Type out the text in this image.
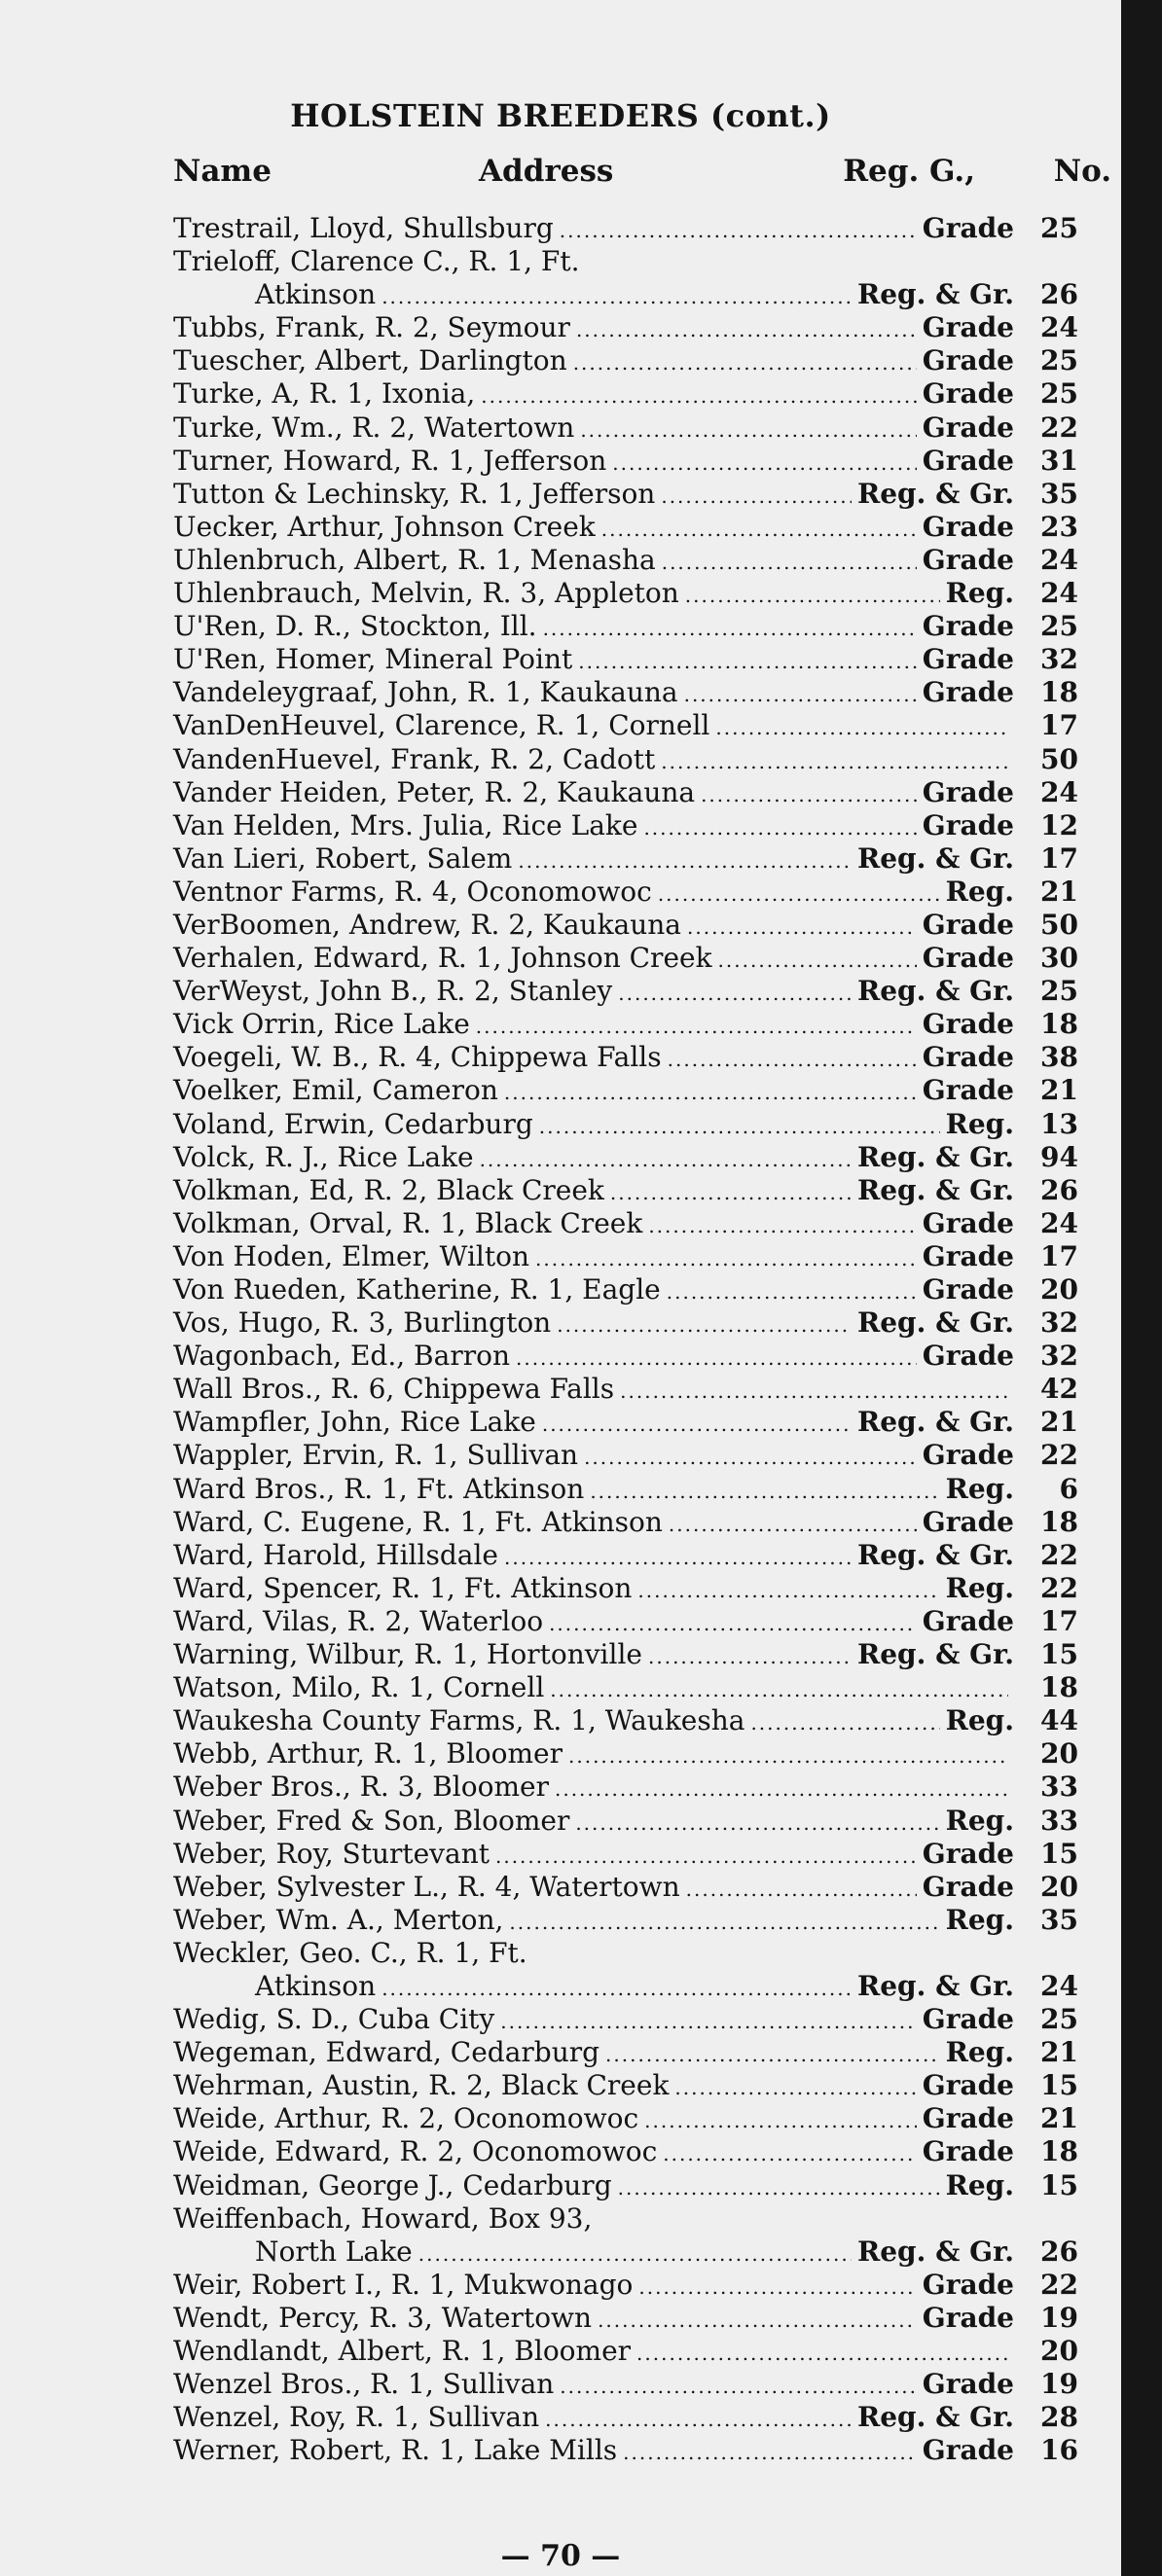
HOLSTEIN BREEDERS (cont.)
Name	Address	Reg. G.,	No.
Trestrail, Lloyd, Shullsburg .....	Grade 25
Trieloff, Clarence C., R. 1, Ft.
Atkinson .....	Reg. & Gr. 26
Tubbs, Frank, R. 2, Seymour .....	Grade 24
Tuescher, Albert, Darlington .....	Grade 25
Turke, A, R. 1, Ixonia, .....	Grade 25
Turke, Wm., R. 2, Watertown .....	Grade 22
Turner, Howard, R. 1, Jefferson .....	Grade 31
Tutton & Lechinsky, R. 1, Jefferson .....	Reg. & Gr. 35
Uecker, Arthur, Johnson Creek .....	Grade 23
Uhlenbruch, Albert, R. 1, Menasha .....	Grade 24
Uhlenbrauch, Melvin, R. 3, Appleton .....	Reg. 24
U'Ren, D. R., Stockton, Ill. .....	Grade 25
U'Ren, Homer, Mineral Point .....	Grade 32
Vandeleygraaf, John, R. 1, Kaukauna .....	Grade 18
VanDenHeuvel, Clarence, R. 1, Cornell .....	17
VandenHuevel, Frank, R. 2, Cadott .....	50
Vander Heiden, Peter, R. 2, Kaukauna .....	Grade 24
Van Helden, Mrs. Julia, Rice Lake .....	Grade 12
Van Lieri, Robert, Salem .....	Reg. & Gr. 17
Ventnor Farms, R. 4, Oconomowoc .....	Reg. 21
VerBoomen, Andrew, R. 2, Kaukauna .....	Grade 50
Verhalen, Edward, R. 1, Johnson Creek .....	Grade 30
VerWeyst, John B., R. 2, Stanley .....	Reg. & Gr. 25
Vick Orrin, Rice Lake .....	Grade 18
Voegeli, W. B., R. 4, Chippewa Falls .....	Grade 38
Voelker, Emil, Cameron .....	Grade 21
Voland, Erwin, Cedarburg .....	Reg. 13
Volck, R. J., Rice Lake .....	Reg. & Gr. 94
Volkman, Ed, R. 2, Black Creek .....	Reg. & Gr. 26
Volkman, Orval, R. 1, Black Creek .....	Grade 24
Von Hoden, Elmer, Wilton .....	Grade 17
Von Rueden, Katherine, R. 1, Eagle .....	Grade 20
Vos, Hugo, R. 3, Burlington .....	Reg. & Gr. 32
Wagonbach, Ed., Barron .....	Grade 32
Wall Bros., R. 6, Chippewa Falls .....	42
Wampfler, John, Rice Lake .....	Reg. & Gr. 21
Wappler, Ervin, R. 1, Sullivan .....	Grade 22
Ward Bros., R. 1, Ft. Atkinson .....	Reg.	6
Ward, C. Eugene, R. 1, Ft. Atkinson .....	Grade 18
Ward, Harold, Hillsdale .....	Reg. & Gr. 22
Ward, Spencer, R. 1, Ft. Atkinson .....	Reg. 22
Ward, Vilas, R. 2, Waterloo .....	Grade 17
Warning, Wilbur, R. 1, Hortonville .....	Reg. & Gr. 15
Watson, Milo, R. 1, Cornell .....	18
Waukesha County Farms, R. 1, Waukesha .....	Reg. 44
Webb, Arthur, R. 1, Bloomer .....	20
Weber Bros., R. 3, Bloomer .....	33
Weber, Fred & Son, Bloomer .....	Reg. 33
Weber, Roy, Sturtevant .....	Grade 15
Weber, Sylvester L., R. 4, Watertown .....	Grade 20
Weber, Wm. A., Merton, .....	Reg. 35
Weckler, Geo. C., R. 1, Ft.
Atkinson .....	Reg. & Gr. 24
Wedig, S. D., Cuba City .....	Grade 25
Wegeman, Edward, Cedarburg .....	Reg. 21
Wehrman, Austin, R. 2, Black Creek .....	Grade 15
Weide, Arthur, R. 2, Oconomowoc .....	Grade 21
Weide, Edward, R. 2, Oconomowoc .....	Grade 18
Weidman, George J., Cedarburg .....	Reg. 15
Weiffenbach, Howard, Box 93,
North Lake .....	Reg. & Gr. 26
Weir, Robert I., R. 1, Mukwonago .....	Grade 22
Wendt, Percy, R. 3, Watertown .....	Grade 19
Wendlandt, Albert, R. 1, Bloomer .....	20
Wenzel Bros., R. 1, Sullivan .....	Grade 19
Wenzel, Roy, R. 1, Sullivan .....	Reg. & Gr. 28
Werner, Robert, R. 1, Lake Mills .....	Grade 16
— 70 —
